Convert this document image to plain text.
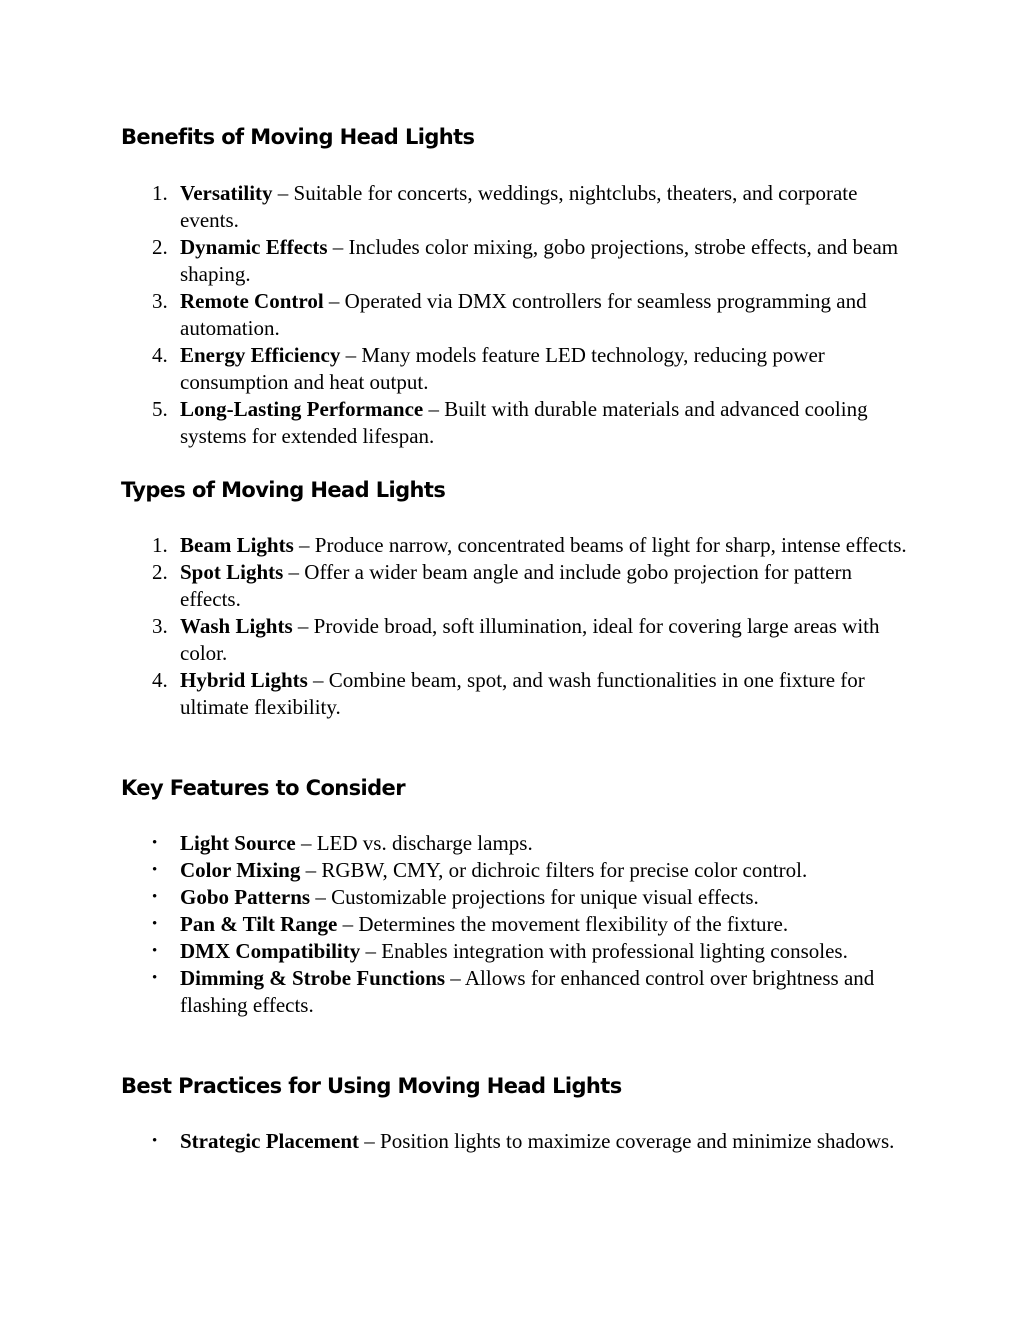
Benefits of Moving Head Lights
1. Versatility – Suitable for concerts, weddings, nightclubs, theaters, and corporate events.
2. Dynamic Effects – Includes color mixing, gobo projections, strobe effects, and beam shaping.
3. Remote Control – Operated via DMX controllers for seamless programming and automation.
4. Energy Efficiency – Many models feature LED technology, reducing power consumption and heat output.
5. Long-Lasting Performance – Built with durable materials and advanced cooling systems for extended lifespan.
Types of Moving Head Lights
1. Beam Lights – Produce narrow, concentrated beams of light for sharp, intense effects.
2. Spot Lights – Offer a wider beam angle and include gobo projection for pattern effects.
3. Wash Lights – Provide broad, soft illumination, ideal for covering large areas with color.
4. Hybrid Lights – Combine beam, spot, and wash functionalities in one fixture for ultimate flexibility.
Key Features to Consider
• Light Source – LED vs. discharge lamps.
• Color Mixing – RGBW, CMY, or dichroic filters for precise color control.
• Gobo Patterns – Customizable projections for unique visual effects.
• Pan & Tilt Range – Determines the movement flexibility of the fixture.
• DMX Compatibility – Enables integration with professional lighting consoles.
• Dimming & Strobe Functions – Allows for enhanced control over brightness and flashing effects.
Best Practices for Using Moving Head Lights
• Strategic Placement – Position lights to maximize coverage and minimize shadows.
